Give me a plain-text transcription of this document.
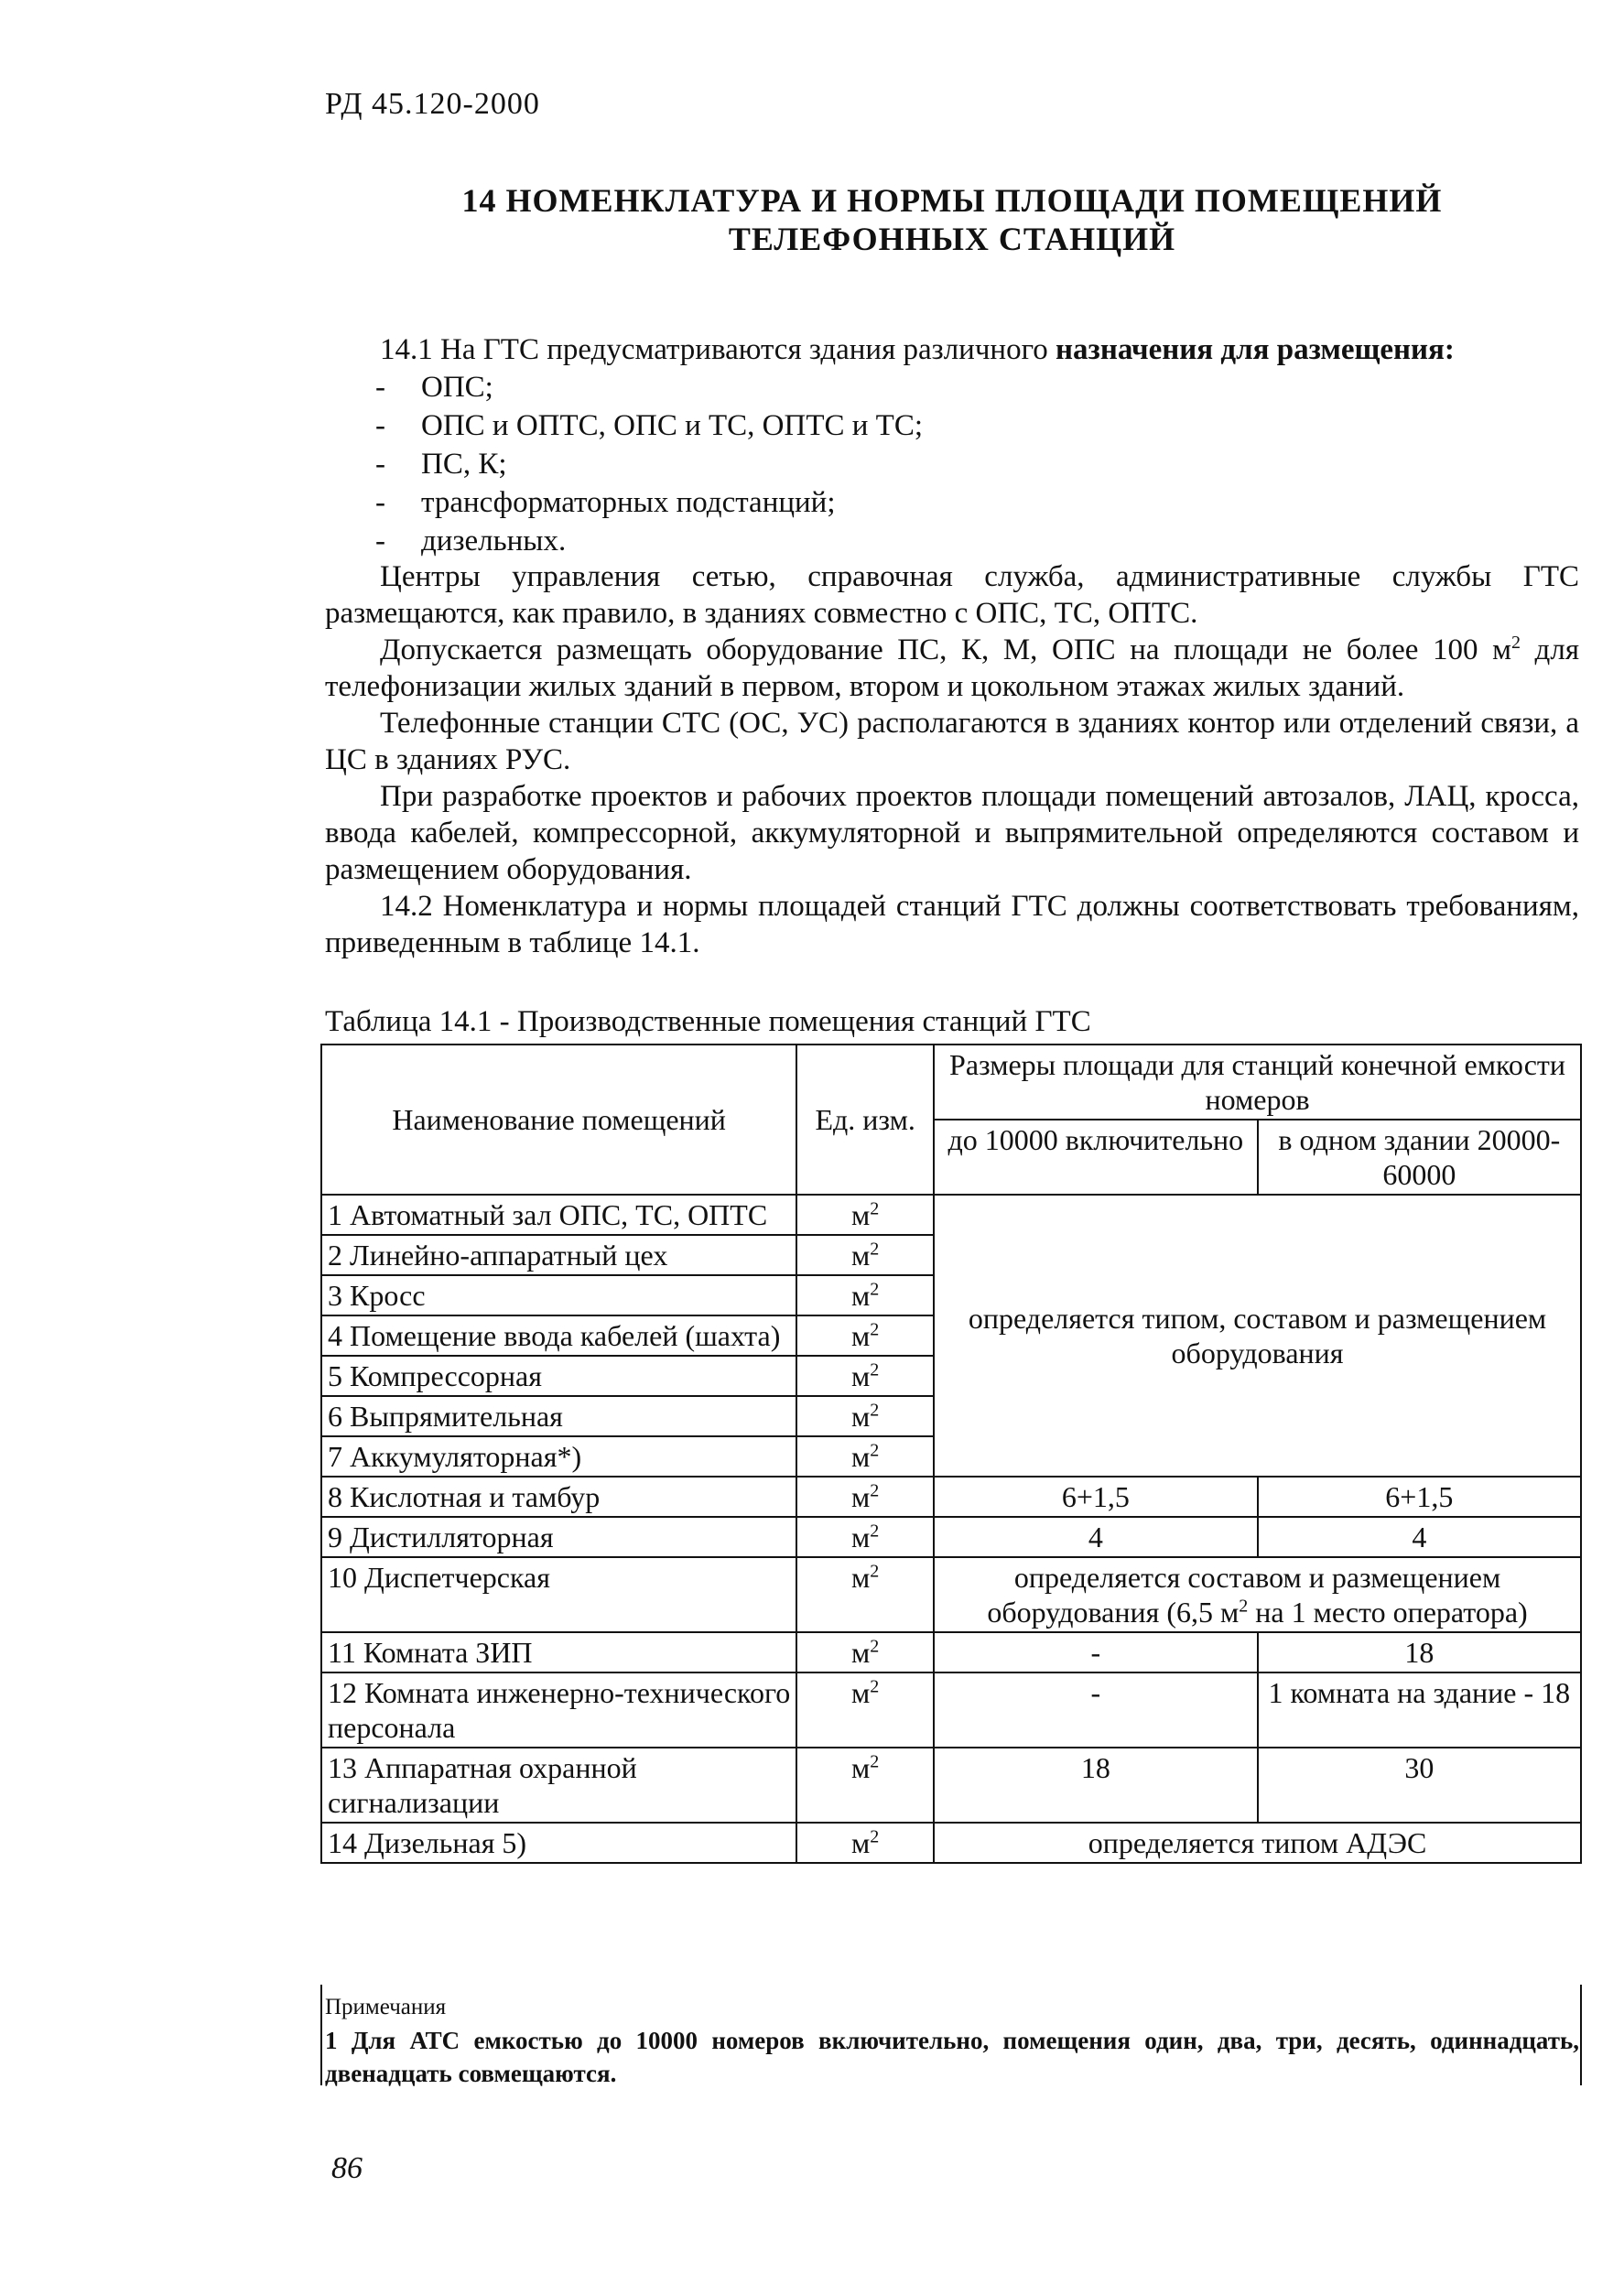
РД 45.120-2000
14 НОМЕНКЛАТУРА И НОРМЫ ПЛОЩАДИ ПОМЕЩЕНИЙ ТЕЛЕФОННЫХ СТАНЦИЙ

14.1 На ГТС предусматриваются здания различного назначения для размещения:

- ОПС;
- ОПС и ОПТС, ОПС и ТС, ОПТС и ТС;
- ПС, К;
- трансформаторных подстанций;
- дизельных.

Центры управления сетью, справочная служба, административные службы ГТС размещаются, как правило, в зданиях совместно с ОПС, ТС, ОПТС.

Допускается размещать оборудование ПС, К, М, ОПС на площади не более 100 $м^2$ для телефонизации жилых зданий в первом, втором и цокольном этажах жилых зданий.

Телефонные станции СТС (ОС, УС) располагаются в зданиях контор или отделений связи, а ЦС в зданиях РУС.

При разработке проектов и рабочих проектов площади помещений автозалов, ЛАЦ, кросса, ввода кабелей, компрессорной, аккумуляторной и выпрямительной определяются составом и размещением оборудования.

14.2 Номенклатура и нормы площадей станций ГТС должны соответствовать требованиям, приведенным в таблице 14.1.

Таблица 14.1 - Производственные помещения станций ГТС
Наименование помещений	Ед. изм.	Размеры площади для станций конечной емкости номеров	
		до 10000 включительно	в одном здании 20000-60000
1 Автоматный зал ОПС, ТС, ОПТС	$м^2$	определяется типом, составом и размещением оборудования	
2 Линейно-аппаратный цех	$м^2$
3 Кросс	$м^2$
4 Помещение ввода кабелей (шахта)	$м^2$
5 Компрессорная	$м^2$
6 Выпрямительная	$м^2$
7 Аккумуляторная*)	$м^2$
8 Кислотная и тамбур	$м^2$	6+1,5	6+1,5
9 Дистилляторная	$м^2$	4	4
10 Диспетчерская	$м^2$	определяется составом и размещением оборудования (6,5 $м^2$ на 1 место оператора)	
11 Комната ЗИП	$м^2$	-	18
12 Комната инженерно-технического персонала	$м^2$	-	1 комната на здание - 18
13 Аппаратная охранной сигнализации	$м^2$	18	30
14 Дизельная 5)	$м^2$	определяется типом АДЭС	
Примечания
1 Для АТС емкостью до 10000 номеров включительно, помещения один, два, три, десять, одиннадцать, двенадцать совмещаются.
86
